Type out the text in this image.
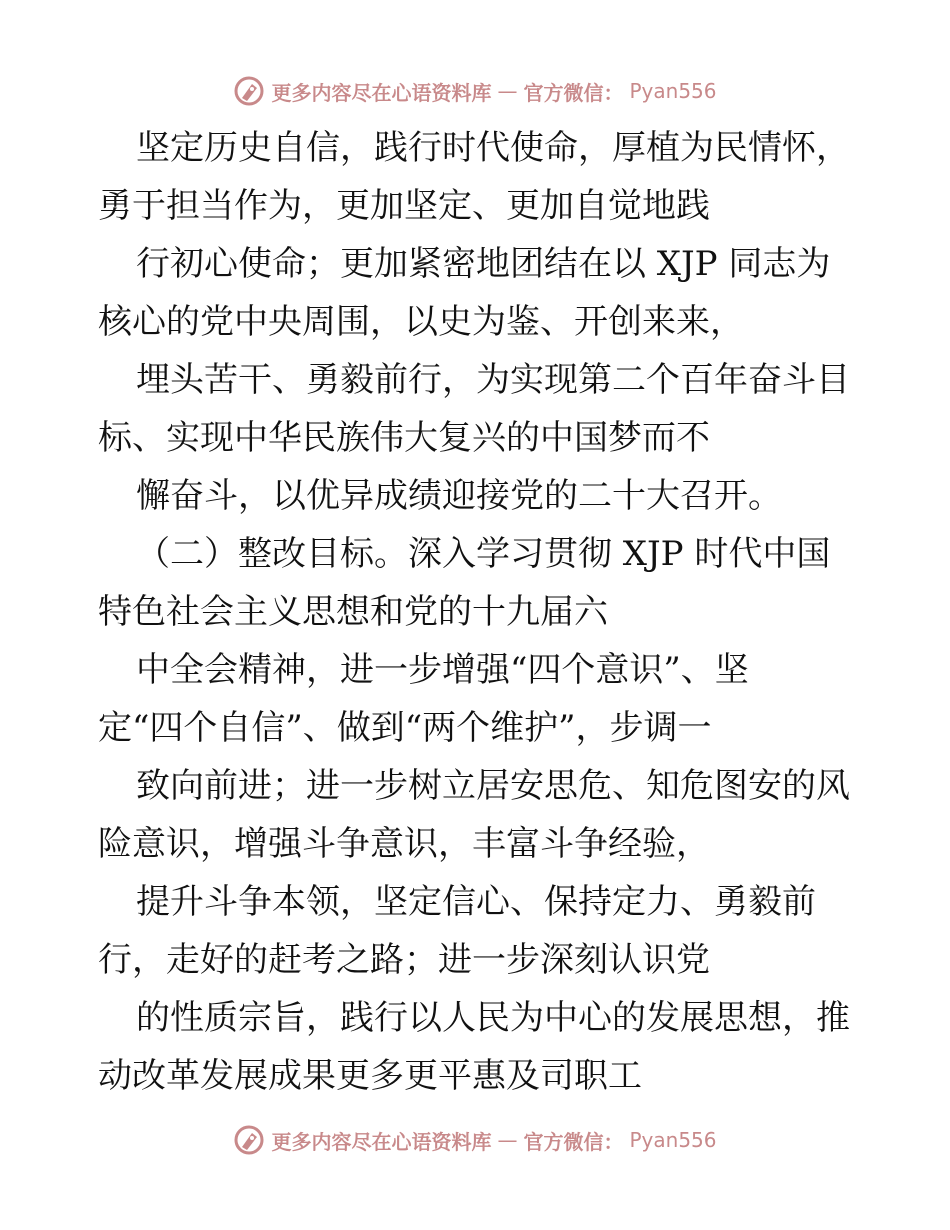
更多内容尽在心语资料库 — 官方微信： Pyan556
坚定历史自信，践行时代使命，厚植为民情怀，
勇于担当作为，更加坚定、更加自觉地践
行初心使命；更加紧密地团结在以 XJP 同志为
核心的党中央周围，以史为鉴、开创来来，
埋头苦干、勇毅前行，为实现第二个百年奋斗目
标、实现中华民族伟大复兴的中国梦而不
懈奋斗，以优异成绩迎接党的二十大召开。
（二）整改目标。深入学习贯彻 XJP 时代中国
特色社会主义思想和党的十九届六
中全会精神，进一步增强“四个意识”、坚
定“四个自信”、做到“两个维护”，步调一
致向前进；进一步树立居安思危、知危图安的风
险意识，增强斗争意识，丰富斗争经验，
提升斗争本领，坚定信心、保持定力、勇毅前
行，走好的赶考之路；进一步深刻认识党
的性质宗旨，践行以人民为中心的发展思想，推
动改革发展成果更多更平惠及司职工
更多内容尽在心语资料库 — 官方微信： Pyan556
